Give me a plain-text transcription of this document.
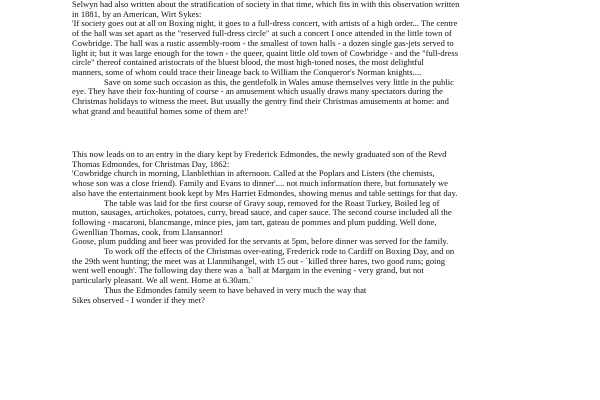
Selwyn had also written about the stratification of society in that time, which fits in with this observation written
in 1881, by an American, Wirt Sykes:
'If society goes out at all on Boxing night, it goes to a full-dress concert, with artists of a high order... The centre
of the hall was set apart as the "reserved full-dress circle" at such a concert I once attended in the little town of
Cowbridge. The hall was a rustic assembly-room - the smallest of town halls - a dozen single gas-jets served to
light it; but it was large enough for the town - the queer, quaint little old town of Cowbridge - and the "full-dress
circle" thereof contained aristocrats of the bluest blood, the most high-toned noses, the most delightful
manners, some of whom could trace their lineage back to William the Conqueror's Norman knights....
Save on some such occasion as this, the gentlefolk in Wales amuse themselves very little in the public
eye. They have their fox-hunting of course - an amusement which usually draws many spectators during the
Christmas holidays to witness the meet. But usually the gentry find their Christmas amusements at home: and
what grand and beautiful homes some of them are!'
This now leads on to an entry in the diary kept by Frederick Edmondes, the newly graduated son of the Revd
Thomas Edmondes, for Christmas Day, 1862:
'Cowbridge church in morning, Llanblethian in afternoon. Called at the Poplars and Listers (the chemists,
whose son was a close friend). Family and Evans to dinner'.... not much information there, but fortunately we
also have the entertainment book kept by Mrs Harriet Edmondes, showing menus and table settings for that day.
The table was laid for the first course of Gravy soup, removed for the Roast Turkey, Boiled leg of
mutton, sausages, artichokes, potatoes, curry, bread sauce, and caper sauce. The second course included all the
following - macaroni, blancmange, mince pies, jam tart, gateau de pommes and plum pudding. Well done,
Gwenllian Thomas, cook, from Llansannor!
Goose, plum pudding and beer was provided for the servants at 5pm, before dinner was served for the family.
To work off the effects of the Christmas over-eating, Frederick rode to Cardiff on Boxing Day, and on
the 29th went hunting; the meet was at Llanmihangel, with 15 out - `killed three hares, two good runs; going
went well enough'. The following day there was a `ball at Margam in the evening - very grand, but not
particularly pleasant. We all went. Home at 6.30am.`
Thus the Edmondes family seem to have behaved in very much the way that
Sikes observed - I wonder if they met?
